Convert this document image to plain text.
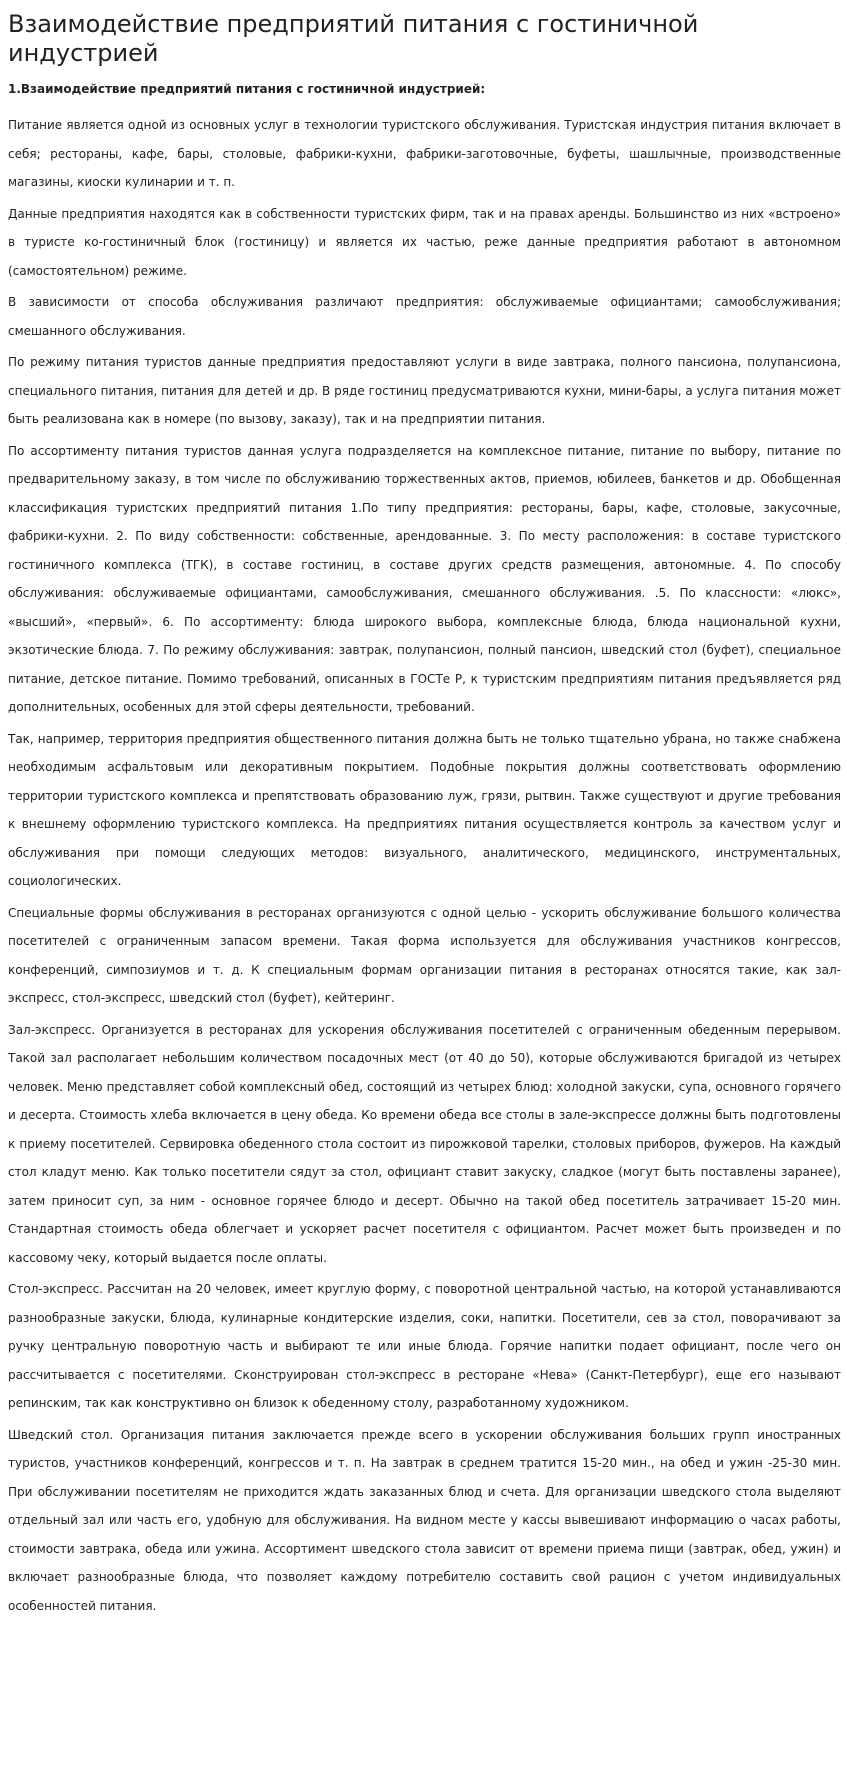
Взаимодействие предприятий питания с гостиничной индустрией
1.Взаимодействие предприятий питания с гостиничной индустрией:

Питание является одной из основных услуг в технологии туристского обслуживания. Туристская индустрия питания включает в себя; рестораны, кафе, бары, столовые, фабрики-кухни, фабрики-заготовочные, буфеты, шашлычные, производственные магазины, киоски кулинарии и т. п.

Данные предприятия находятся как в собственности туристских фирм, так и на правах аренды. Большинство из них «встроено» в туристе ко-гостиничный блок (гостиницу) и является их частью, реже данные предприятия работают в автономном (самостоятельном) режиме.

В зависимости от способа обслуживания различают предприятия: обслуживаемые официантами; самообслуживания; смешанного обслуживания.

По режиму питания туристов данные предприятия предоставляют услуги в виде завтрака, полного пансиона, полупансиона, специального питания, питания для детей и др. В ряде гостиниц предусматриваются кухни, мини-бары, а услуга питания может быть реализована как в номере (по вызову, заказу), так и на предприятии питания.

По ассортименту питания туристов данная услуга подразделяется на комплексное питание, питание по выбору, питание по предварительному заказу, в том числе по обслуживанию торжественных актов, приемов, юбилеев, банкетов и др. Обобщенная классификация туристских предприятий питания 1.По типу предприятия: рестораны, бары, кафе, столовые, закусочные, фабрики-кухни. 2. По виду собственности: собственные, арендованные. 3. По месту расположения: в составе туристского гостиничного комплекса (ТГК), в составе гостиниц, в составе других средств размещения, автономные. 4. По способу обслуживания: обслуживаемые официантами, самообслуживания, смешанного обслуживания. .5. По классности: «люкс», «высший», «первый». 6. По ассортименту: блюда широкого выбора, комплексные блюда, блюда национальной кухни, экзотические блюда. 7. По режиму обслуживания: завтрак, полупансион, полный пансион, шведский стол (буфет), специальное питание, детское питание. Помимо требований, описанных в ГОСТе Р, к туристским предприятиям питания предъявляется ряд дополнительных, особенных для этой сферы деятельности, требований.

Так, например, территория предприятия общественного питания должна быть не только тщательно убрана, но также снабжена необходимым асфальтовым или декоративным покрытием. Подобные покрытия должны соответствовать оформлению территории туристского комплекса и препятствовать образованию луж, грязи, рытвин. Также существуют и другие требования к внешнему оформлению туристского комплекса. На предприятиях питания осуществляется контроль за качеством услуг и обслуживания при помощи следующих методов: визуального, аналитического, медицинского, инструментальных, социологических.

Специальные формы обслуживания в ресторанах организуются с одной целью - ускорить обслуживание большого количества посетителей с ограниченным запасом времени. Такая форма используется для обслуживания участников конгрессов, конференций, симпозиумов и т. д. К специальным формам организации питания в ресторанах относятся такие, как зал-экспресс, стол-экспресс, шведский стол (буфет), кейтеринг.

Зал-экспресс. Организуется в ресторанах для ускорения обслуживания посетителей с ограниченным обеденным перерывом. Такой зал располагает небольшим количеством посадочных мест (от 40 до 50), которые обслуживаются бригадой из четырех человек. Меню представляет собой комплексный обед, состоящий из четырех блюд: холодной закуски, супа, основного горячего и десерта. Стоимость хлеба включается в цену обеда. Ко времени обеда все столы в зале-экспрессе должны быть подготовлены к приему посетителей. Сервировка обеденного стола состоит из пирожковой тарелки, столовых приборов, фужеров. На каждый стол кладут меню. Как только посетители сядут за стол, официант ставит закуску, сладкое (могут быть поставлены заранее), затем приносит суп, за ним - основное горячее блюдо и десерт. Обычно на такой обед посетитель затрачивает 15-20 мин. Стандартная стоимость обеда облегчает и ускоряет расчет посетителя с официантом. Расчет может быть произведен и по кассовому чеку, который выдается после оплаты.

Стол-экспресс. Рассчитан на 20 человек, имеет круглую форму, с поворотной центральной частью, на которой устанавливаются разнообразные закуски, блюда, кулинарные кондитерские изделия, соки, напитки. Посетители, сев за стол, поворачивают за ручку центральную поворотную часть и выбирают те или иные блюда. Горячие напитки подает официант, после чего он рассчитывается с посетителями. Сконструирован стол-экспресс в ресторане «Нева» (Санкт-Петербург), еще его называют репинским, так как конструктивно он близок к обеденному столу, разработанному художником.

Шведский стол. Организация питания заключается прежде всего в ускорении обслуживания больших групп иностранных туристов, участников конференций, конгрессов и т. п. На завтрак в среднем тратится 15-20 мин., на обед и ужин -25-30 мин. При обслуживании посетителям не приходится ждать заказанных блюд и счета. Для организации шведского стола выделяют отдельный зал или часть его, удобную для обслуживания. На видном месте у кассы вывешивают информацию о часах работы, стоимости завтрака, обеда или ужина. Ассортимент шведского стола зависит от времени приема пищи (завтрак, обед, ужин) и включает разнообразные блюда, что позволяет каждому потребителю составить свой рацион с учетом индивидуальных особенностей питания.
